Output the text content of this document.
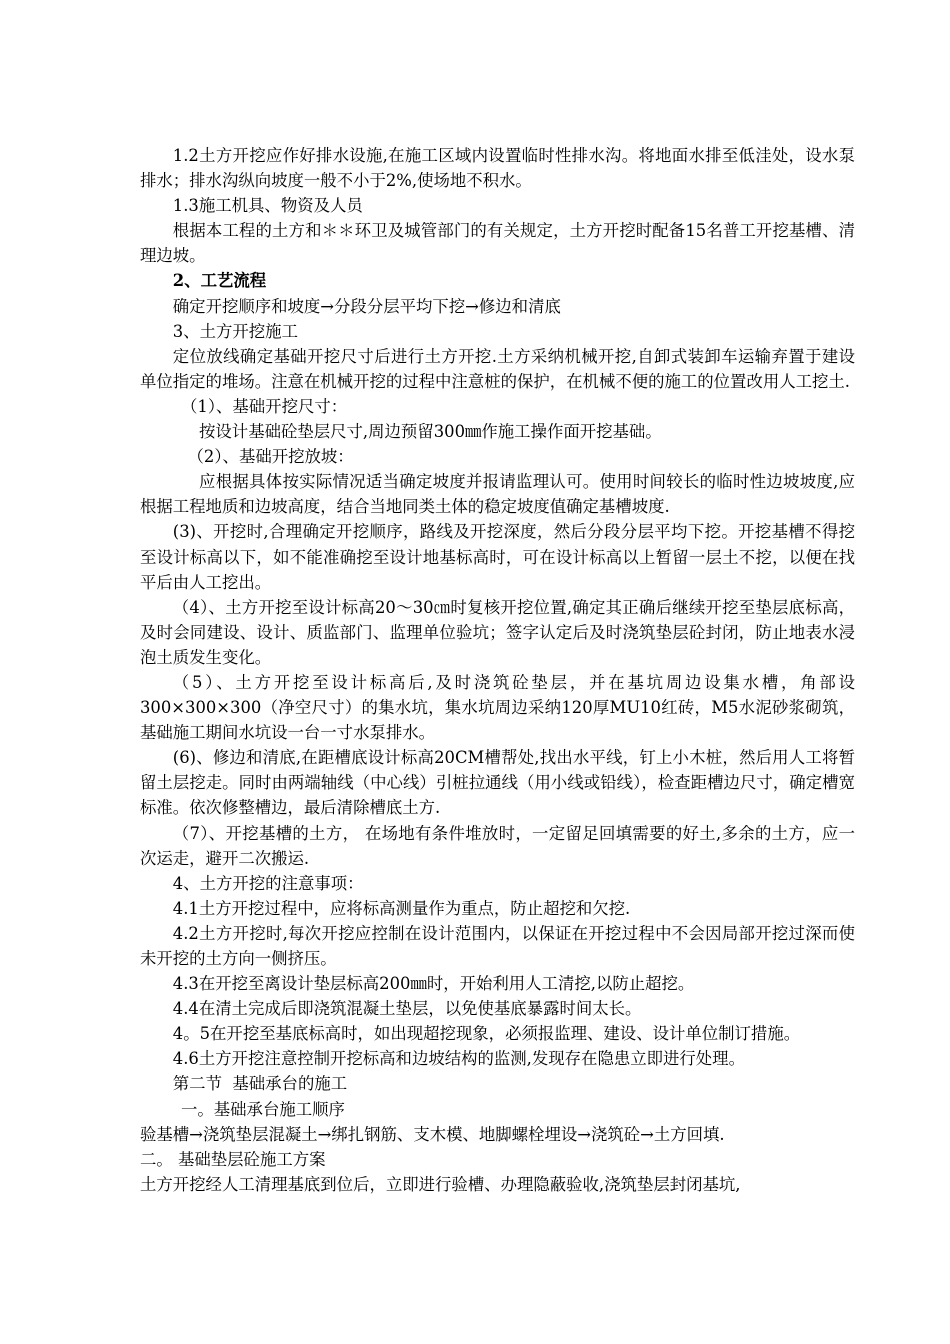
1.2土方开挖应作好排水设施,在施工区域内设置临时性排水沟。将地面水排至低洼处，设水泵排水；排水沟纵向坡度一般不小于2%,使场地不积水。

1.3施工机具、物资及人员

根据本工程的土方和＊＊环卫及城管部门的有关规定，土方开挖时配备15名普工开挖基槽、清理边坡。

2、工艺流程

确定开挖顺序和坡度→分段分层平均下挖→修边和清底

3、土方开挖施工

定位放线确定基础开挖尺寸后进行土方开挖.土方采纳机械开挖,自卸式装卸车运输弃置于建设单位指定的堆场。注意在机械开挖的过程中注意桩的保护，在机械不便的施工的位置改用人工挖土.

（1）、基础开挖尺寸：

按设计基础砼垫层尺寸,周边预留300㎜作施工操作面开挖基础。

（2）、基础开挖放坡：

应根据具体按实际情况适当确定坡度并报请监理认可。使用时间较长的临时性边坡坡度,应根据工程地质和边坡高度，结合当地同类土体的稳定坡度值确定基槽坡度.

(3)、开挖时,合理确定开挖顺序，路线及开挖深度，然后分段分层平均下挖。开挖基槽不得挖至设计标高以下，如不能准确挖至设计地基标高时，可在设计标高以上暂留一层土不挖，以便在找平后由人工挖出。

（4）、土方开挖至设计标高20～30㎝时复核开挖位置,确定其正确后继续开挖至垫层底标高，及时会同建设、设计、质监部门、监理单位验坑；签字认定后及时浇筑垫层砼封闭，防止地表水浸泡土质发生变化。

（5）、土方开挖至设计标高后,及时浇筑砼垫层，并在基坑周边设集水槽，角部设300×300×300（净空尺寸）的集水坑，集水坑周边采纳120厚MU10红砖，M5水泥砂浆砌筑，基础施工期间水坑设一台一寸水泵排水。

(6)、修边和清底,在距槽底设计标高20CM槽帮处,找出水平线，钉上小木桩，然后用人工将暂留土层挖走。同时由两端轴线（中心线）引桩拉通线（用小线或铅线），检查距槽边尺寸，确定槽宽标准。依次修整槽边，最后清除槽底土方.

（7）、开挖基槽的土方， 在场地有条件堆放时，一定留足回填需要的好土,多余的土方，应一次运走，避开二次搬运.

4、土方开挖的注意事项：

4.1土方开挖过程中，应将标高测量作为重点，防止超挖和欠挖.

4.2土方开挖时,每次开挖应控制在设计范围内，以保证在开挖过程中不会因局部开挖过深而使未开挖的土方向一侧挤压。

4.3在开挖至离设计垫层标高200㎜时，开始利用人工清挖,以防止超挖。

4.4在清土完成后即浇筑混凝土垫层，以免使基底暴露时间太长。

4。5在开挖至基底标高时，如出现超挖现象，必须报监理、建设、设计单位制订措施。

4.6土方开挖注意控制开挖标高和边坡结构的监测,发现存在隐患立即进行处理。

第二节  基础承台的施工

一。基础承台施工顺序

验基槽→浇筑垫层混凝土→绑扎钢筋、支木模、地脚螺栓埋设→浇筑砼→土方回填.

二。 基础垫层砼施工方案

土方开挖经人工清理基底到位后，立即进行验槽、办理隐蔽验收,浇筑垫层封闭基坑,
